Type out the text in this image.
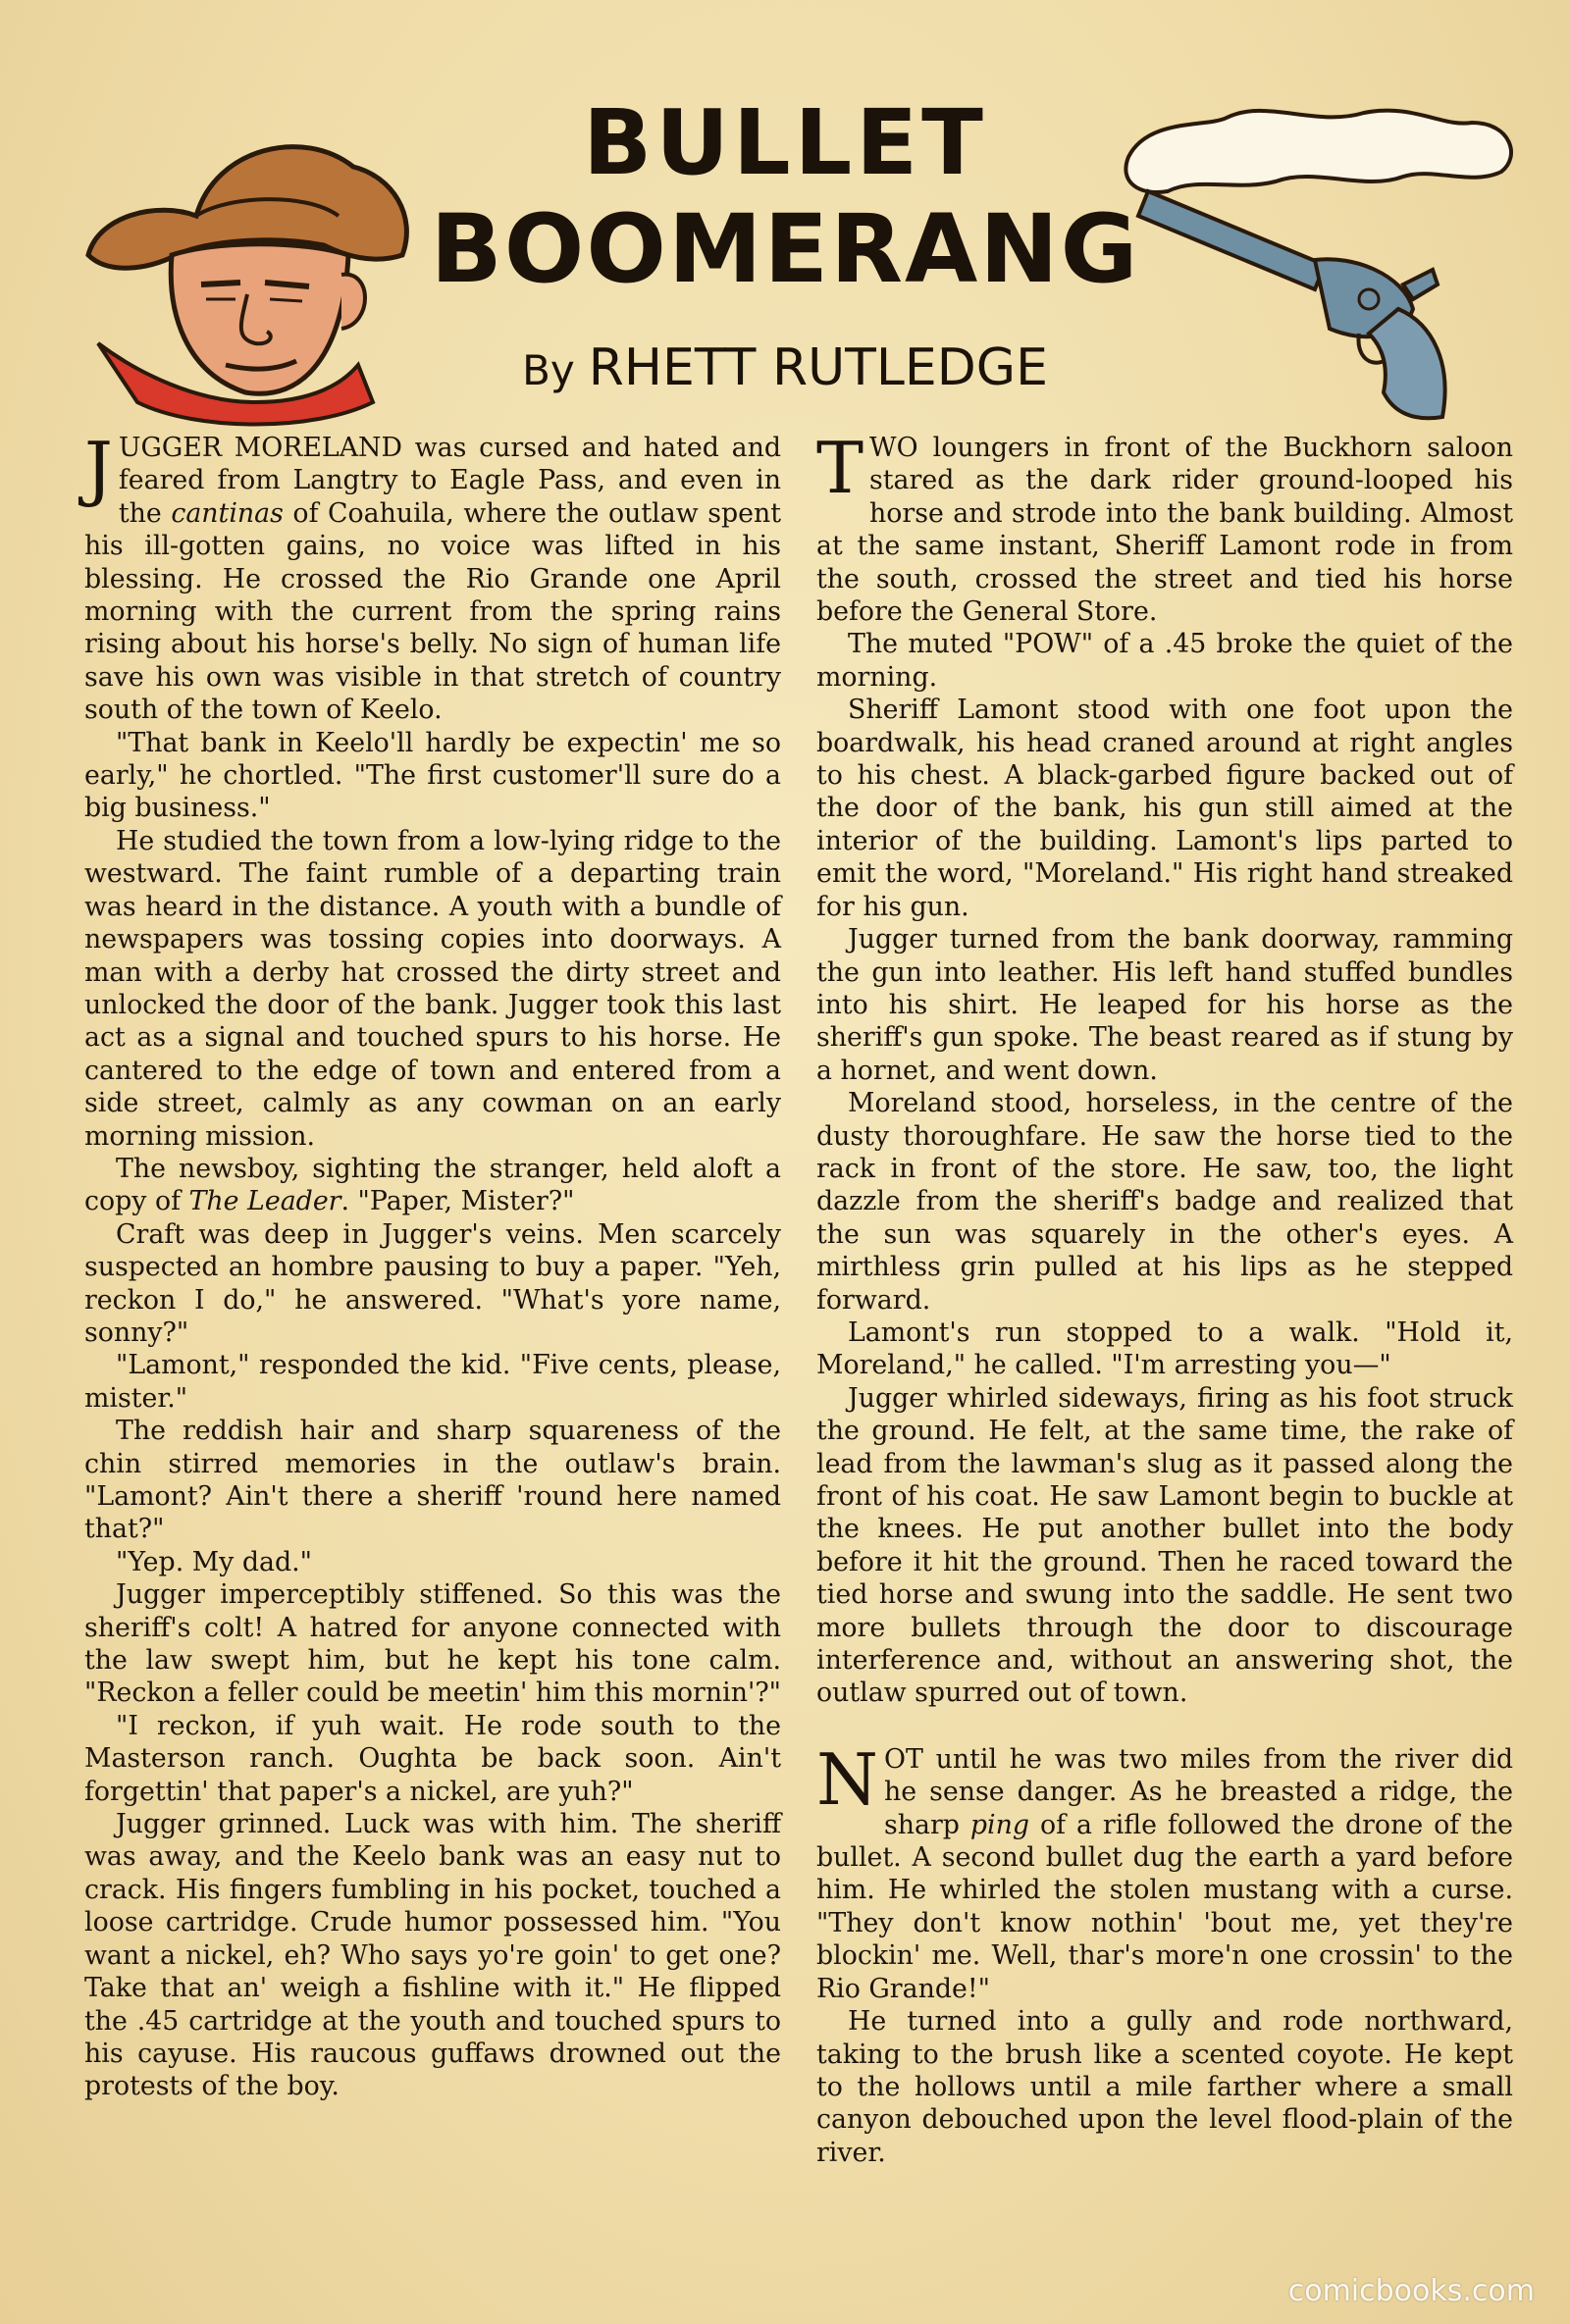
BULLET
BOOMERANG
By RHETT RUTLEDGE

JUGGER MORELAND was cursed and hated and feared from Langtry to Eagle Pass, and even in the cantinas of Coahuila, where the outlaw spent his ill-gotten gains, no voice was lifted in his blessing. He crossed the Rio Grande one April morning with the current from the spring rains rising about his horse's belly. No sign of human life save his own was visible in that stretch of country south of the town of Keelo.

"That bank in Keelo'll hardly be expectin' me so early," he chortled. "The first customer'll sure do a big business."

He studied the town from a low-lying ridge to the westward. The faint rumble of a departing train was heard in the distance. A youth with a bundle of newspapers was tossing copies into doorways. A man with a derby hat crossed the dirty street and unlocked the door of the bank. Jugger took this last act as a signal and touched spurs to his horse. He cantered to the edge of town and entered from a side street, calmly as any cowman on an early morning mission.

The newsboy, sighting the stranger, held aloft a copy of The Leader. "Paper, Mister?"

Craft was deep in Jugger's veins. Men scarcely suspected an hombre pausing to buy a paper. "Yeh, reckon I do," he answered. "What's yore name, sonny?"

"Lamont," responded the kid. "Five cents, please, mister."

The reddish hair and sharp squareness of the chin stirred memories in the outlaw's brain. "Lamont? Ain't there a sheriff 'round here named that?"

"Yep. My dad."

Jugger imperceptibly stiffened. So this was the sheriff's colt! A hatred for anyone connected with the law swept him, but he kept his tone calm. "Reckon a feller could be meetin' him this mornin'?"

"I reckon, if yuh wait. He rode south to the Masterson ranch. Oughta be back soon. Ain't forgettin' that paper's a nickel, are yuh?"

Jugger grinned. Luck was with him. The sheriff was away, and the Keelo bank was an easy nut to crack. His fingers fumbling in his pocket, touched a loose cartridge. Crude humor possessed him. "You want a nickel, eh? Who says yo're goin' to get one? Take that an' weigh a fishline with it." He flipped the .45 cartridge at the youth and touched spurs to his cayuse. His raucous guffaws drowned out the protests of the boy.

TWO loungers in front of the Buckhorn saloon stared as the dark rider ground-looped his horse and strode into the bank building. Almost at the same instant, Sheriff Lamont rode in from the south, crossed the street and tied his horse before the General Store.

The muted "POW" of a .45 broke the quiet of the morning.

Sheriff Lamont stood with one foot upon the boardwalk, his head craned around at right angles to his chest. A black-garbed figure backed out of the door of the bank, his gun still aimed at the interior of the building. Lamont's lips parted to emit the word, "Moreland." His right hand streaked for his gun.

Jugger turned from the bank doorway, ramming the gun into leather. His left hand stuffed bundles into his shirt. He leaped for his horse as the sheriff's gun spoke. The beast reared as if stung by a hornet, and went down.

Moreland stood, horseless, in the centre of the dusty thoroughfare. He saw the horse tied to the rack in front of the store. He saw, too, the light dazzle from the sheriff's badge and realized that the sun was squarely in the other's eyes. A mirthless grin pulled at his lips as he stepped forward.

Lamont's run stopped to a walk. "Hold it, Moreland," he called. "I'm arresting you—"

Jugger whirled sideways, firing as his foot struck the ground. He felt, at the same time, the rake of lead from the lawman's slug as it passed along the front of his coat. He saw Lamont begin to buckle at the knees. He put another bullet into the body before it hit the ground. Then he raced toward the tied horse and swung into the saddle. He sent two more bullets through the door to discourage interference and, without an answering shot, the outlaw spurred out of town.

NOT until he was two miles from the river did he sense danger. As he breasted a ridge, the sharp ping of a rifle followed the drone of the bullet. A second bullet dug the earth a yard before him. He whirled the stolen mustang with a curse. "They don't know nothin' 'bout me, yet they're blockin' me. Well, thar's more'n one crossin' to the Rio Grande!"

He turned into a gully and rode northward, taking to the brush like a scented coyote. He kept to the hollows until a mile farther where a small canyon debouched upon the level flood-plain of the river.

comicbooks.com
